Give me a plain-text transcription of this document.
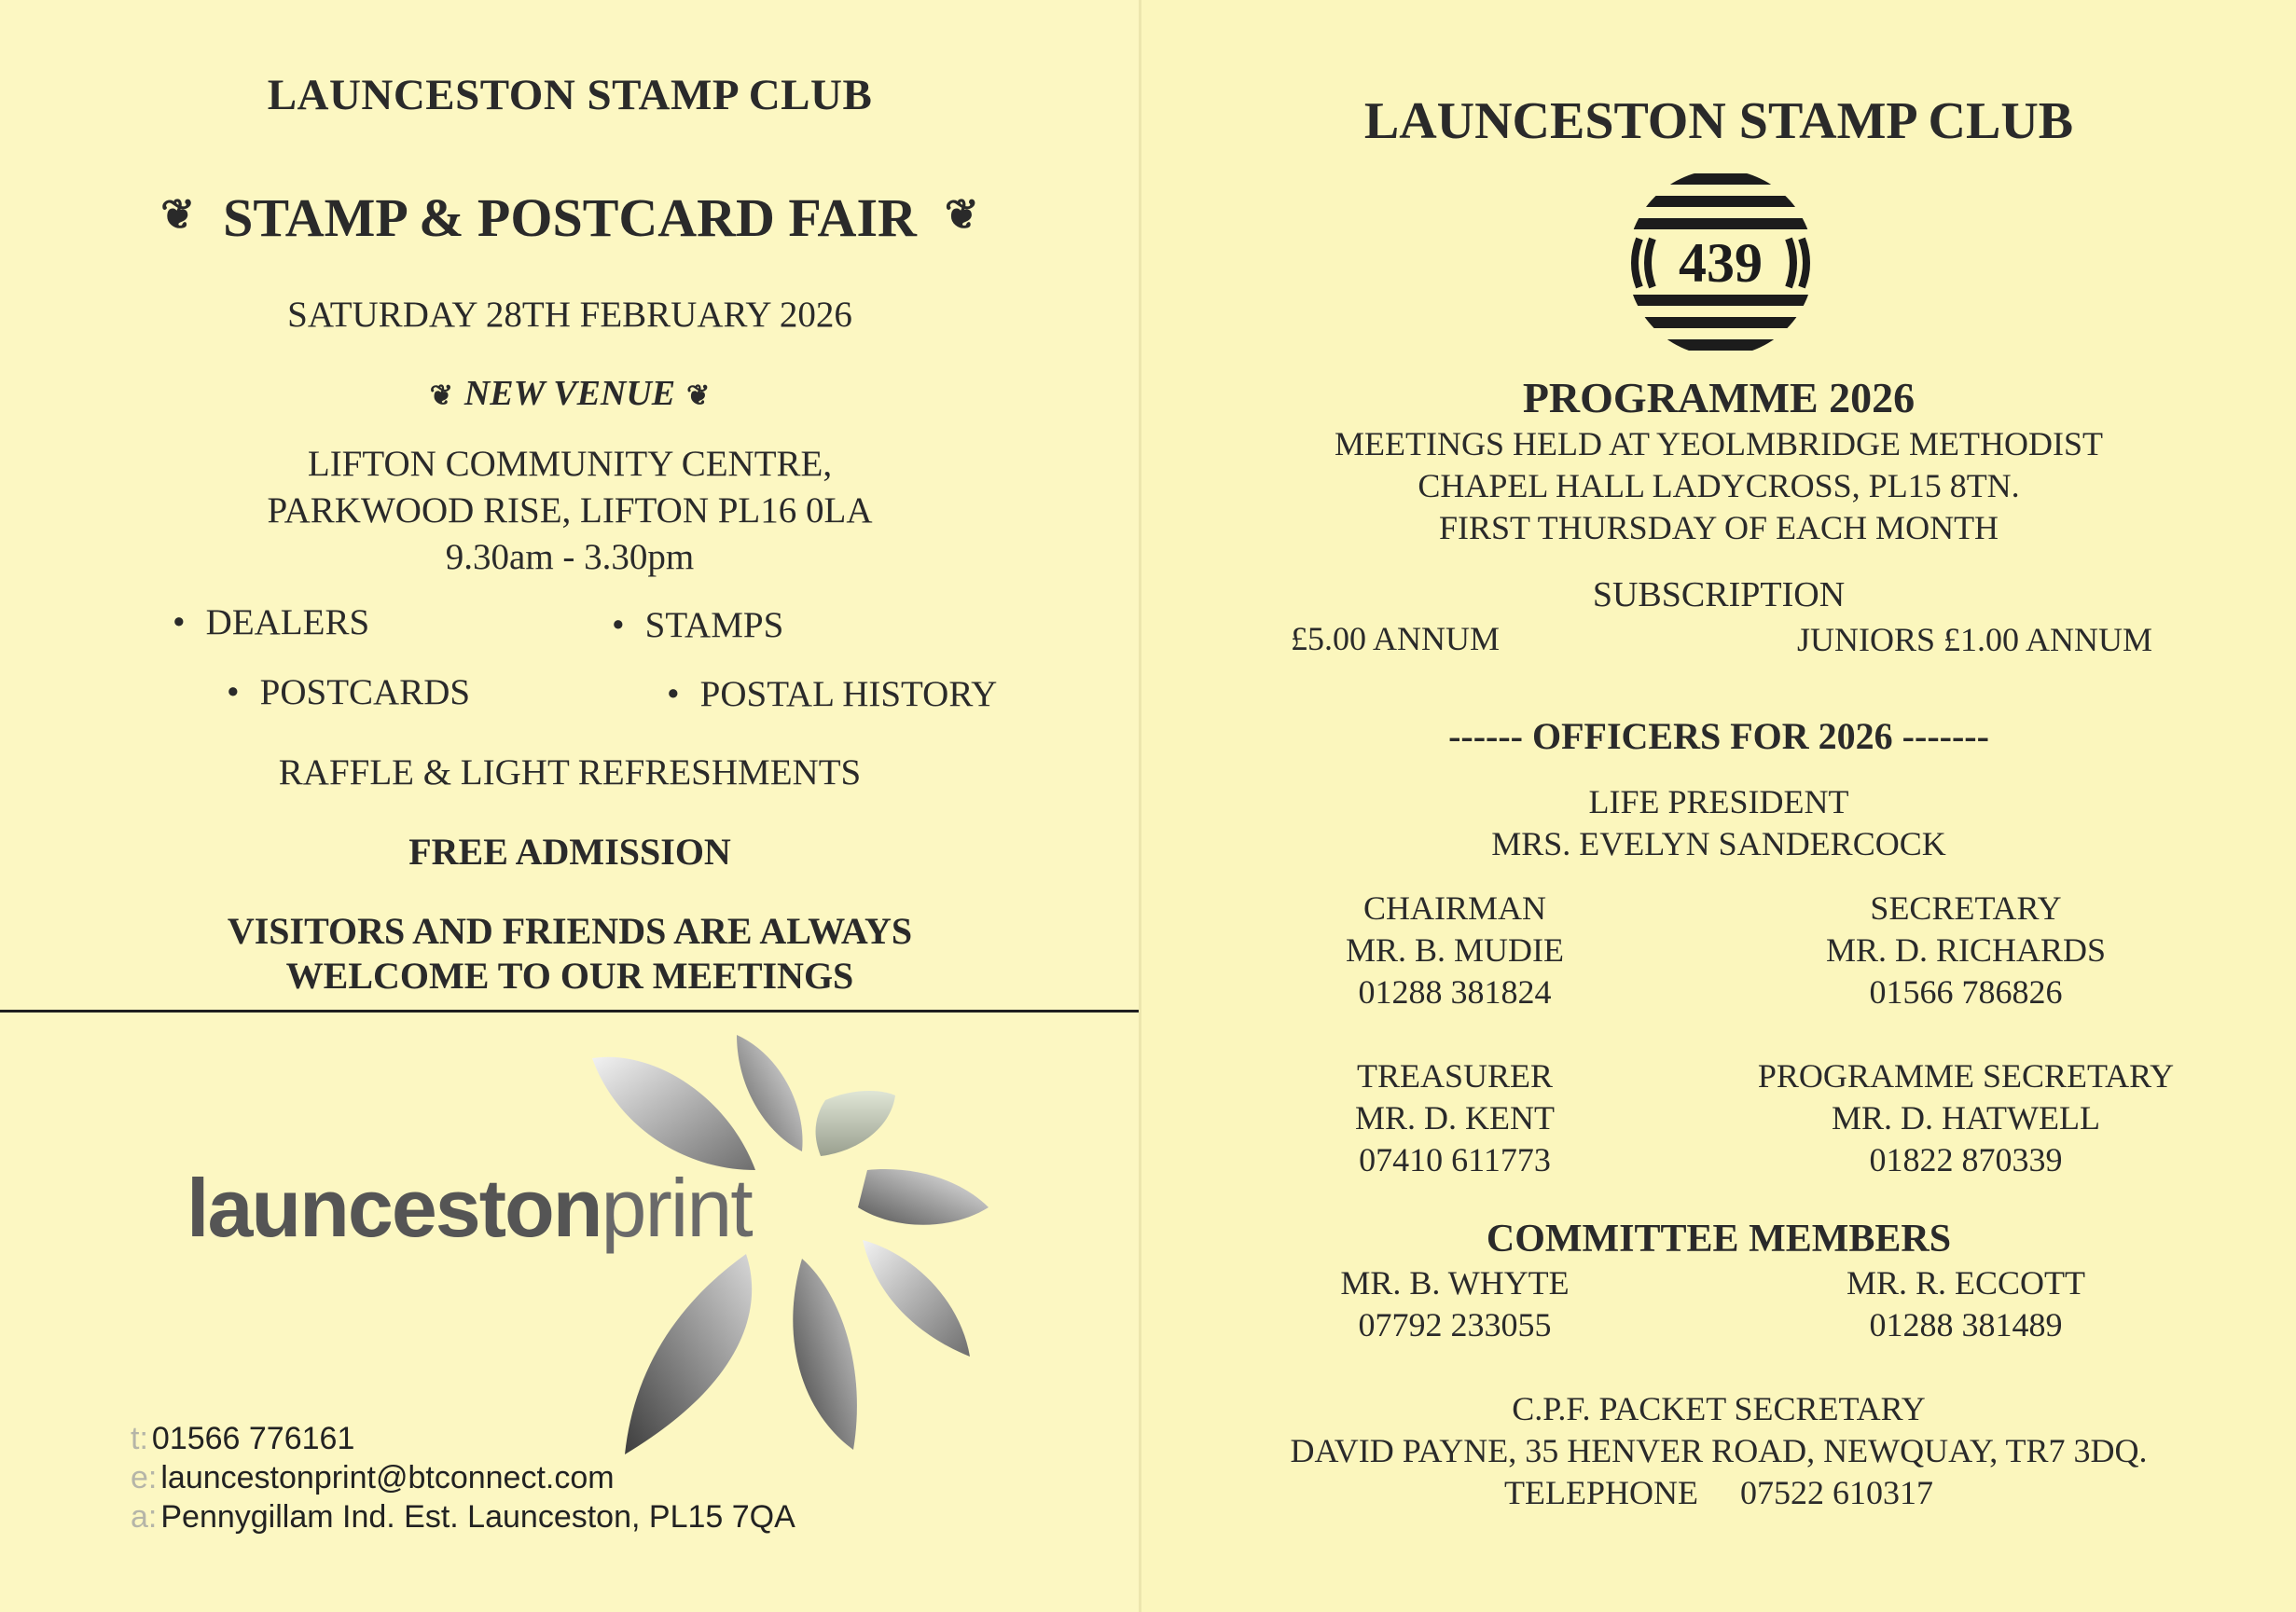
LAUNCESTON STAMP CLUB
❦ STAMP & POSTCARD FAIR ❦
SATURDAY 28TH FEBRUARY 2026
❦ NEW VENUE ❦
LIFTON COMMUNITY CENTRE,
PARKWOOD RISE, LIFTON PL16 0LA
9.30am - 3.30pm
• DEALERS	• STAMPS
• POSTCARDS	• POSTAL HISTORY
RAFFLE & LIGHT REFRESHMENTS
FREE ADMISSION
VISITORS AND FRIENDS ARE ALWAYS
WELCOME TO OUR MEETINGS
launcestonprint
t: 01566 776161
e: launcestonprint@btconnect.com
a: Pennygillam Ind. Est. Launceston, PL15 7QA
LAUNCESTON STAMP CLUB
439
PROGRAMME 2026
MEETINGS HELD AT YEOLMBRIDGE METHODIST
CHAPEL HALL LADYCROSS, PL15 8TN.
FIRST THURSDAY OF EACH MONTH
SUBSCRIPTION
£5.00 ANNUM	JUNIORS £1.00 ANNUM
------ OFFICERS FOR 2026 -------
LIFE PRESIDENT
MRS. EVELYN SANDERCOCK
CHAIRMAN
MR. B. MUDIE
01288 381824
SECRETARY
MR. D. RICHARDS
01566 786826
TREASURER
MR. D. KENT
07410 611773
PROGRAMME SECRETARY
MR. D. HATWELL
01822 870339
COMMITTEE MEMBERS
MR. B. WHYTE
07792 233055
MR. R. ECCOTT
01288 381489
C.P.F. PACKET SECRETARY
DAVID PAYNE, 35 HENVER ROAD, NEWQUAY, TR7 3DQ.
TELEPHONE     07522 610317
